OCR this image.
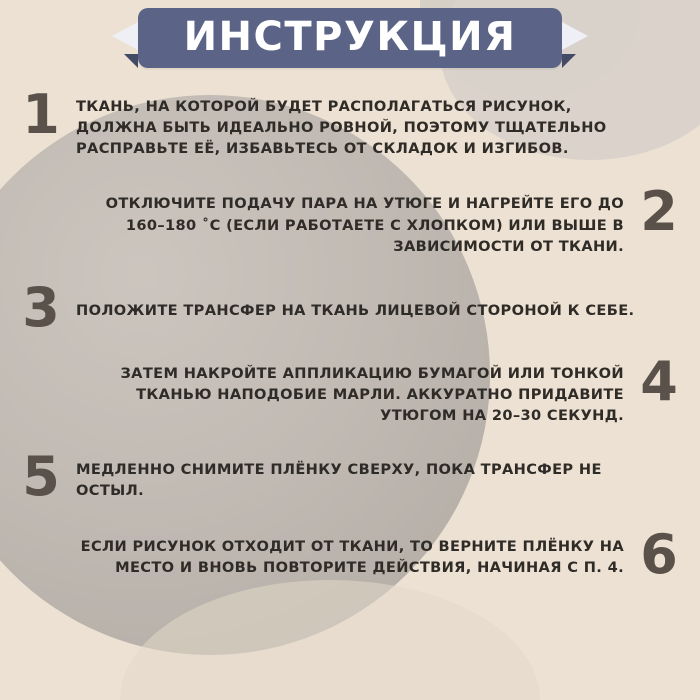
ИНСТРУКЦИЯ
1 ТКАНЬ, НА КОТОРОЙ БУДЕТ РАСПОЛАГАТЬСЯ РИСУНОК, ДОЛЖНА БЫТЬ ИДЕАЛЬНО РОВНОЙ, ПОЭТОМУ ТЩАТЕЛЬНО РАСПРАВЬТЕ ЕЁ, ИЗБАВЬТЕСЬ ОТ СКЛАДОК И ИЗГИБОВ.
2
ОТКЛЮЧИТЕ ПОДАЧУ ПАРА НА УТЮГЕ И НАГРЕЙТЕ ЕГО ДО 160–180 ˚С (ЕСЛИ РАБОТАЕТЕ С ХЛОПКОМ) ИЛИ ВЫШЕ В ЗАВИСИМОСТИ ОТ ТКАНИ.
3 ПОЛОЖИТЕ ТРАНСФЕР НА ТКАНЬ ЛИЦЕВОЙ СТОРОНОЙ К СЕБЕ.
4
ЗАТЕМ НАКРОЙТЕ АППЛИКАЦИЮ БУМАГОЙ ИЛИ ТОНКОЙ ТКАНЬЮ НАПОДОБИЕ МАРЛИ. АККУРАТНО ПРИДАВИТЕ УТЮГОМ НА 20–30 СЕКУНД.
5 МЕДЛЕННО СНИМИТЕ ПЛЁНКУ СВЕРХУ, ПОКА ТРАНСФЕР НЕ ОСТЫЛ.
6
ЕСЛИ РИСУНОК ОТХОДИТ ОТ ТКАНИ, ТО ВЕРНИТЕ ПЛЁНКУ НА МЕСТО И ВНОВЬ ПОВТОРИТЕ ДЕЙСТВИЯ, НАЧИНАЯ С П. 4.
